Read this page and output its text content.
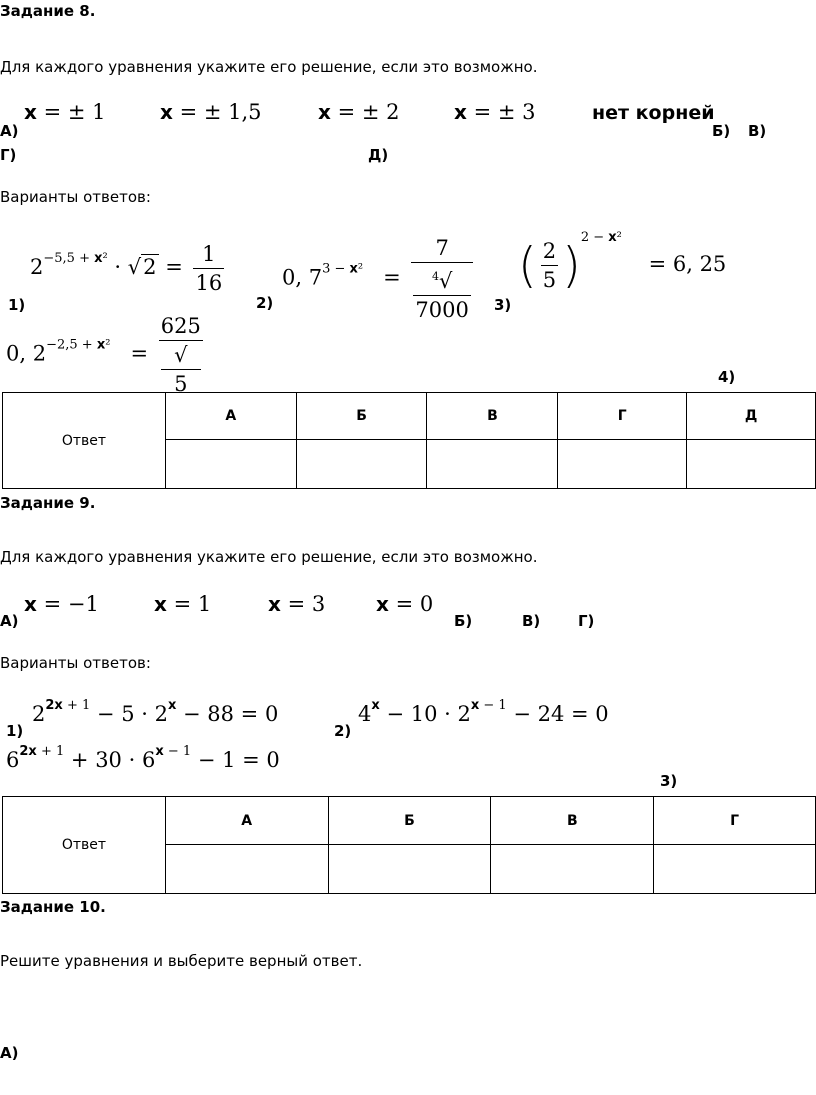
Задание 8.
Для каждого уравнения укажите его решение, если это возможно.
x = ± 1	x = ± 1,5	x = ± 2	x = ± 3	нет корней
А)	Б) В)
Г)	Д)
Варианты ответов:
$2^{-5,5 + x^2} \cdot √2 = \frac{1}{16}$	0, $7^{3 - x^2} = 7$
$^4$√
7000 ( $\frac{2}{5} )^{2 - x^2}$    = 6, 25
1)	2)	3)
0, $2^{-2,5 + x^2} = 625$
√
5	4)
Ответ	А	Б	В	Г	Д

Задание 9.
Для каждого уравнения укажите его решение, если это возможно.
x = −1	x = 1	x = 3	x = 0
А)	Б)	В)	Г)
Варианты ответов:
$2^{2x + 1} - 5 \cdot 2^x - 88 = 0$	$4^x - 10 \cdot 2^{x - 1} - 24 = 0$
1)	2)
$6^{2x + 1} + 30 \cdot 6^{x - 1} - 1 = 0$
3)
Ответ	А	Б	В	Г

Задание 10.
Решите уравнения и выберите верный ответ.
А)
